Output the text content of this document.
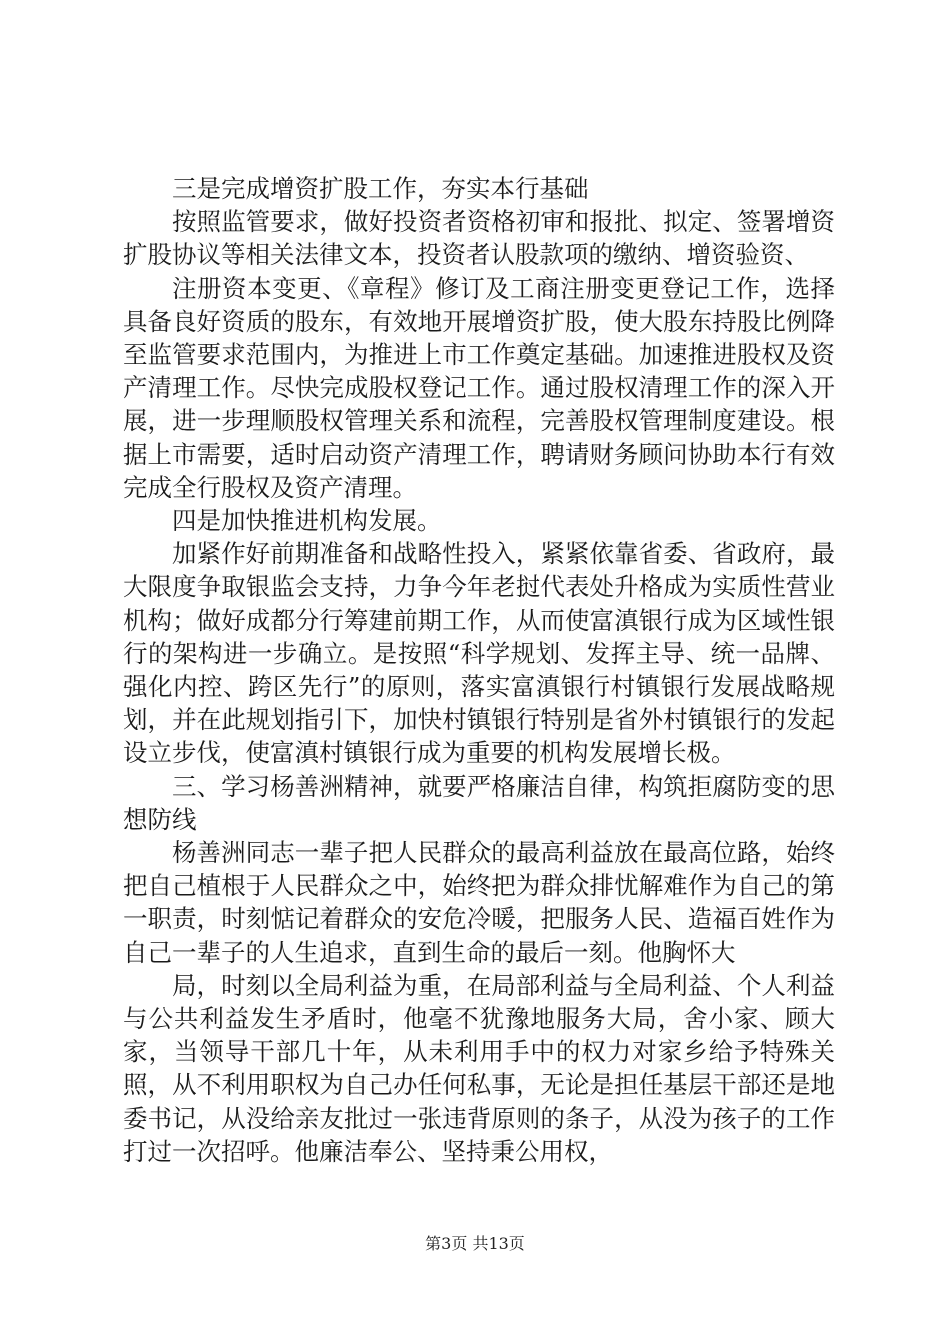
三是完成增资扩股工作，夯实本行基础

按照监管要求，做好投资者资格初审和报批、拟定、签署增资扩股协议等相关法律文本，投资者认股款项的缴纳、增资验资、

注册资本变更、《章程》修订及工商注册变更登记工作，选择具备良好资质的股东，有效地开展增资扩股，使大股东持股比例降至监管要求范围内，为推进上市工作奠定基础。加速推进股权及资产清理工作。尽快完成股权登记工作。通过股权清理工作的深入开展，进一步理顺股权管理关系和流程，完善股权管理制度建设。根据上市需要，适时启动资产清理工作，聘请财务顾问协助本行有效完成全行股权及资产清理。

四是加快推进机构发展。

加紧作好前期准备和战略性投入，紧紧依靠省委、省政府，最大限度争取银监会支持，力争今年老挝代表处升格成为实质性营业机构；做好成都分行筹建前期工作，从而使富滇银行成为区域性银行的架构进一步确立。是按照“科学规划、发挥主导、统一品牌、强化内控、跨区先行”的原则，落实富滇银行村镇银行发展战略规划，并在此规划指引下，加快村镇银行特别是省外村镇银行的发起设立步伐，使富滇村镇银行成为重要的机构发展增长极。

三、学习杨善洲精神，就要严格廉洁自律，构筑拒腐防变的思想防线

杨善洲同志一辈子把人民群众的最高利益放在最高位路，始终把自己植根于人民群众之中，始终把为群众排忧解难作为自己的第一职责，时刻惦记着群众的安危冷暖，把服务人民、造福百姓作为自己一辈子的人生追求，直到生命的最后一刻。他胸怀大

局，时刻以全局利益为重，在局部利益与全局利益、个人利益与公共利益发生矛盾时，他毫不犹豫地服务大局，舍小家、顾大家，当领导干部几十年，从未利用手中的权力对家乡给予特殊关照，从不利用职权为自己办任何私事，无论是担任基层干部还是地委书记，从没给亲友批过一张违背原则的条子，从没为孩子的工作打过一次招呼。他廉洁奉公、坚持秉公用权，

第3页 共13页
